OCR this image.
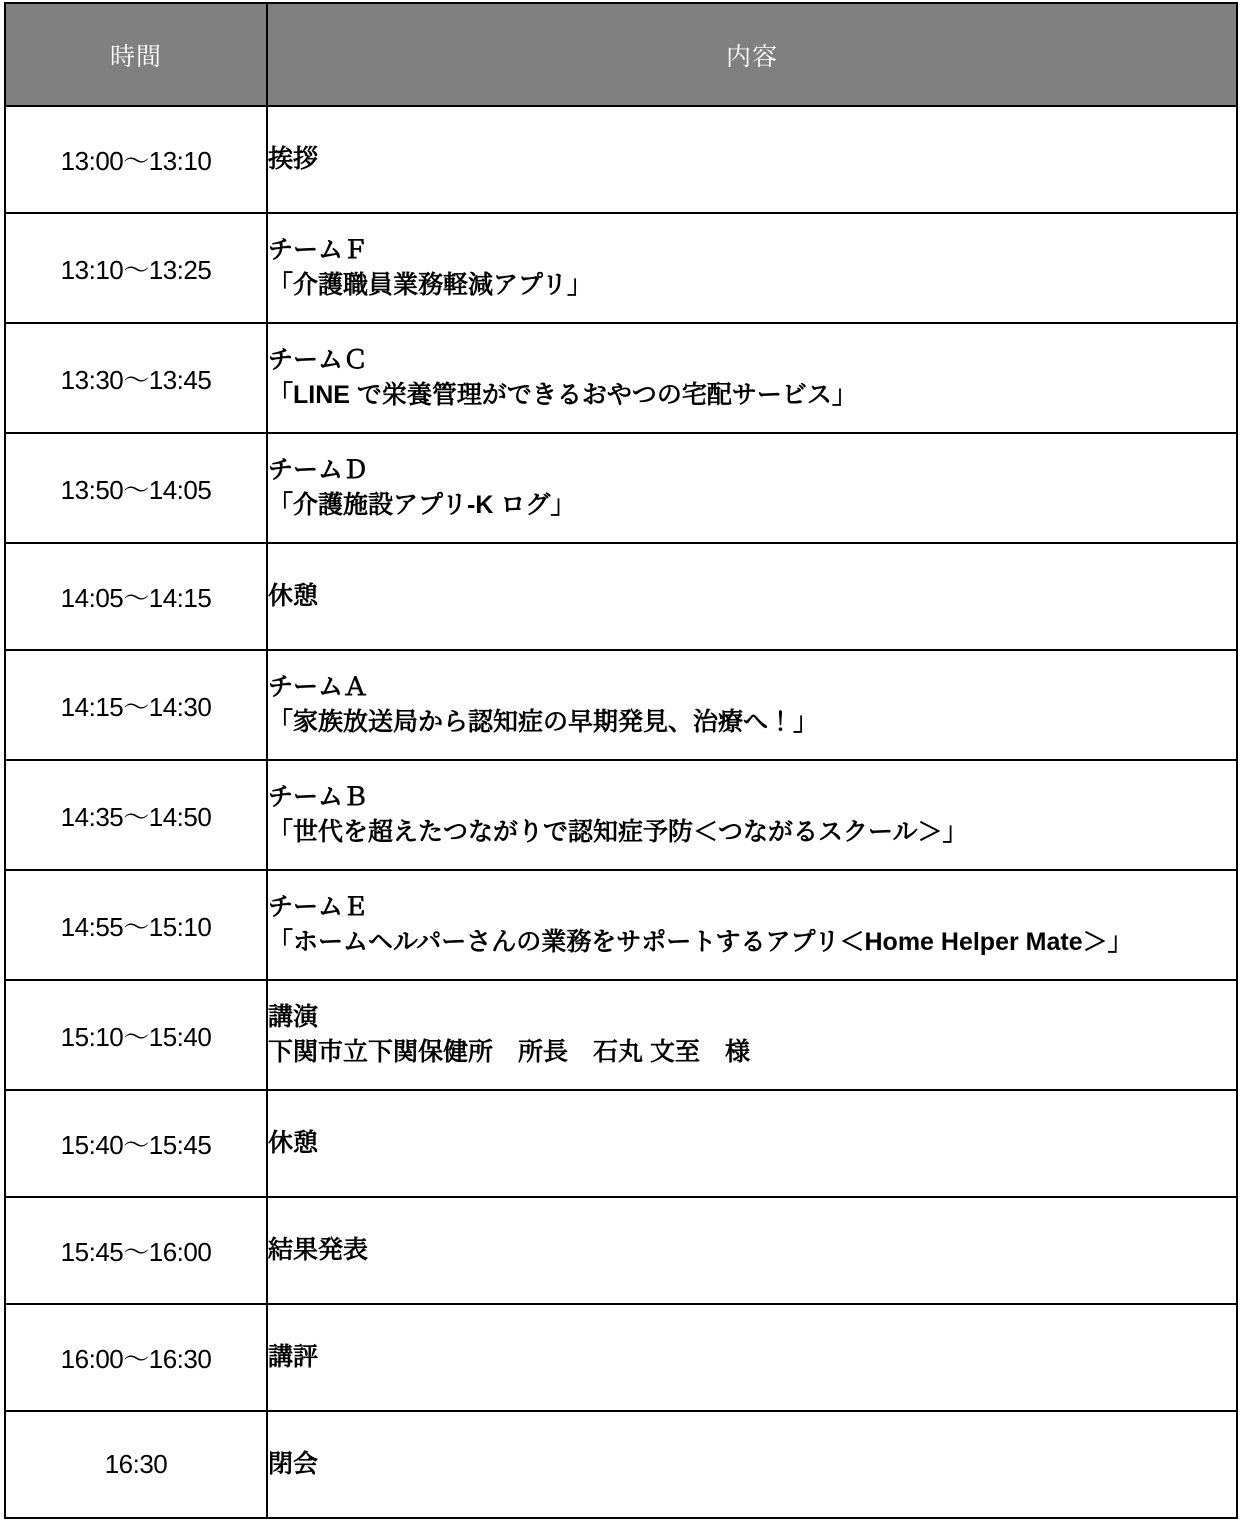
時間	内容
13:00～13:10	挨拶

13:10～13:25	チームＦ
「介護職員業務軽減アプリ」

13:30～13:45	チームＣ
「LINE で栄養管理ができるおやつの宅配サービス」

13:50～14:05	チームＤ
「介護施設アプリ-K ログ」

14:05～14:15	休憩

14:15～14:30	チームＡ
「家族放送局から認知症の早期発見、治療へ！」

14:35～14:50	チームＢ
「世代を超えたつながりで認知症予防＜つながるスクール＞」

14:55～15:10	チームＥ
「ホームヘルパーさんの業務をサポートするアプリ＜Home Helper Mate＞」

15:10～15:40	講演
下関市立下関保健所　所長　石丸 文至　様

15:40～15:45	休憩

15:45～16:00	結果発表

16:00～16:30	講評

16:30	閉会
